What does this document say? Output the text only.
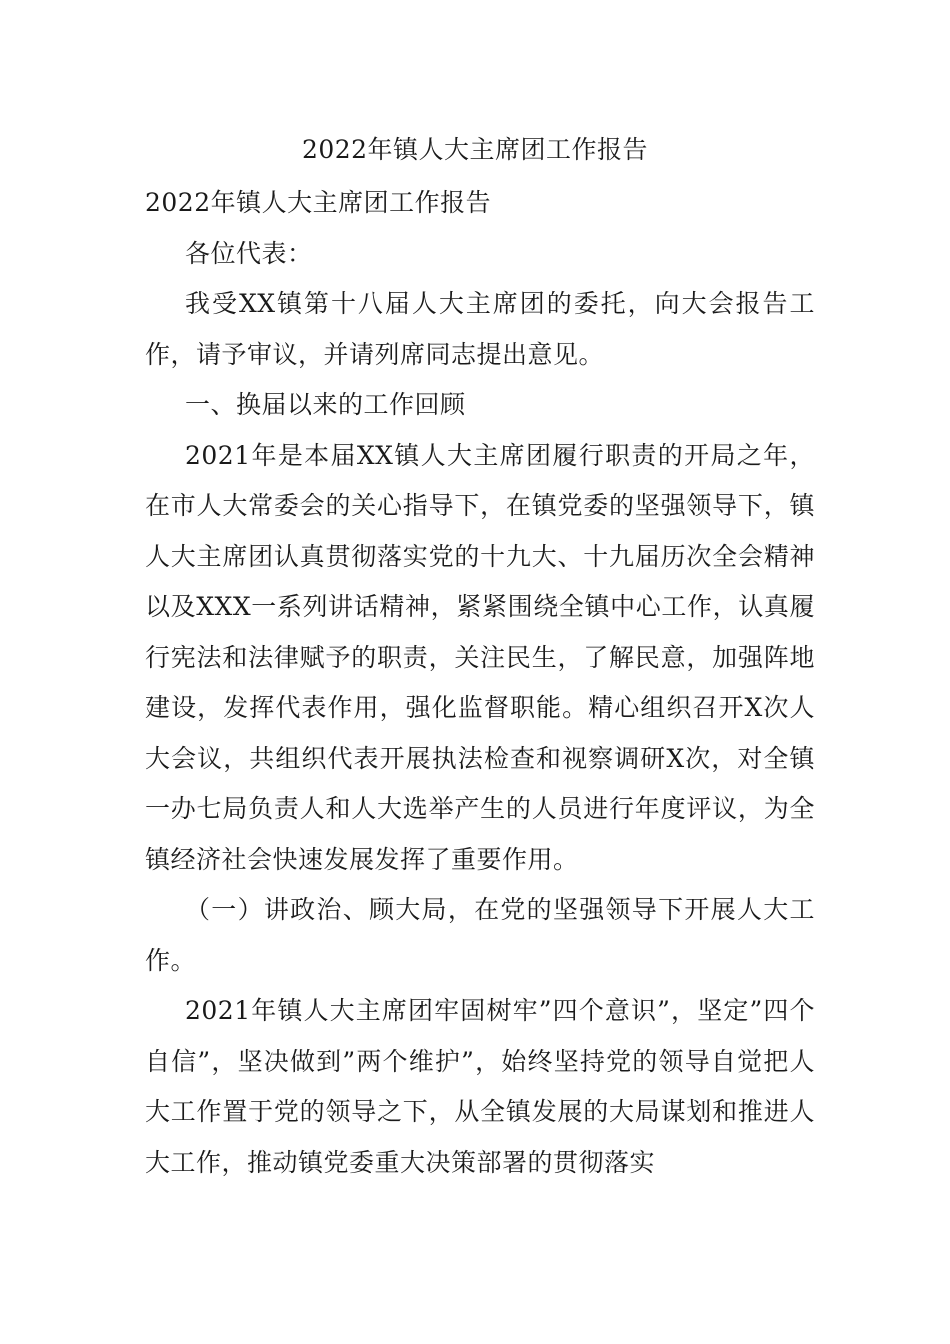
2022年镇人大主席团工作报告

2022年镇人大主席团工作报告

各位代表：

我受XX镇第十八届人大主席团的委托，向大会报告工作，请予审议，并请列席同志提出意见。

一、换届以来的工作回顾

2021年是本届XX镇人大主席团履行职责的开局之年，在市人大常委会的关心指导下，在镇党委的坚强领导下，镇人大主席团认真贯彻落实党的十九大、十九届历次全会精神以及XXX一系列讲话精神，紧紧围绕全镇中心工作，认真履行宪法和法律赋予的职责，关注民生，了解民意，加强阵地建设，发挥代表作用，强化监督职能。精心组织召开X次人大会议，共组织代表开展执法检查和视察调研X次，对全镇一办七局负责人和人大选举产生的人员进行年度评议，为全镇经济社会快速发展发挥了重要作用。

（一）讲政治、顾大局，在党的坚强领导下开展人大工作。

2021年镇人大主席团牢固树牢”四个意识”，坚定”四个自信”，坚决做到”两个维护”，始终坚持党的领导自觉把人大工作置于党的领导之下，从全镇发展的大局谋划和推进人大工作，推动镇党委重大决策部署的贯彻落实
